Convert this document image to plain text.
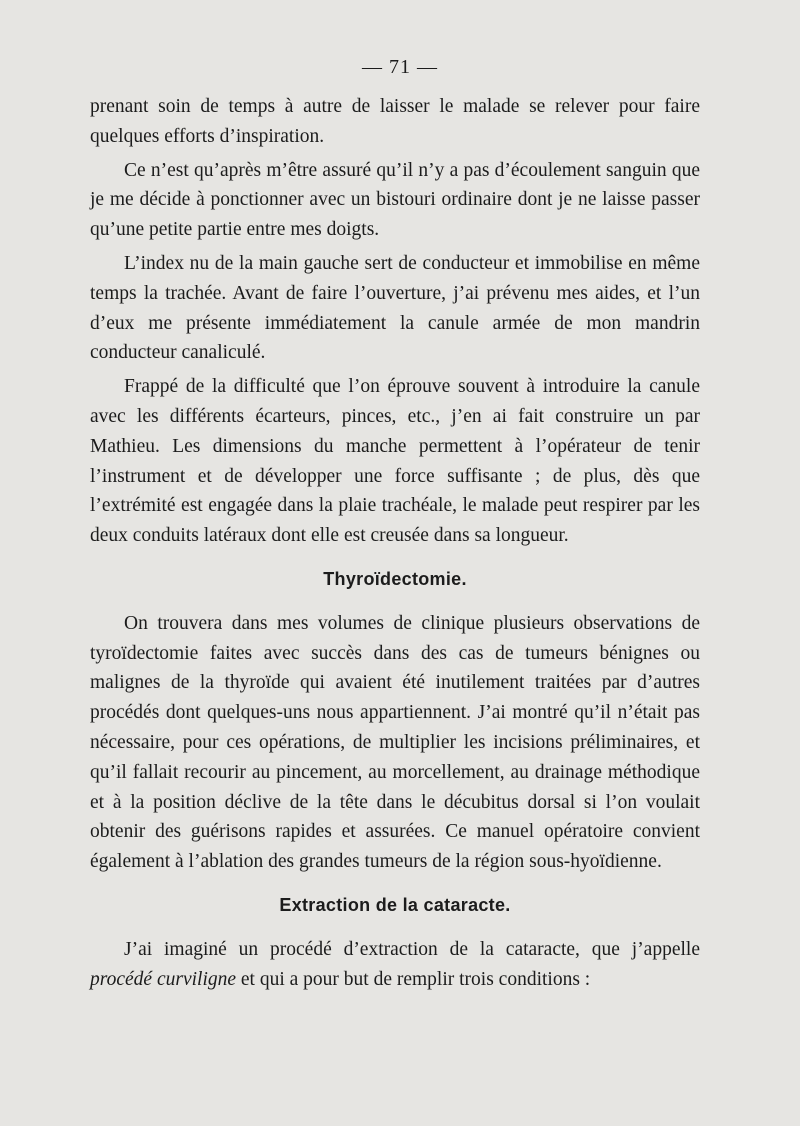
— 71 —

prenant soin de temps à autre de laisser le malade se relever pour faire quelques efforts d’inspiration.

Ce n’est qu’après m’être assuré qu’il n’y a pas d’écoulement sanguin que je me décide à ponctionner avec un bistouri ordinaire dont je ne laisse passer qu’une petite partie entre mes doigts.

L’index nu de la main gauche sert de conducteur et immobilise en même temps la trachée. Avant de faire l’ouverture, j’ai prévenu mes aides, et l’un d’eux me présente immédiatement la canule armée de mon mandrin conducteur canaliculé.

Frappé de la difficulté que l’on éprouve souvent à introduire la canule avec les différents écarteurs, pinces, etc., j’en ai fait construire un par Mathieu. Les dimensions du manche permettent à l’opérateur de tenir l’instrument et de développer une force suffisante ; de plus, dès que l’extrémité est engagée dans la plaie trachéale, le malade peut respirer par les deux conduits latéraux dont elle est creusée dans sa longueur.

Thyroïdectomie.

On trouvera dans mes volumes de clinique plusieurs observations de tyroïdectomie faites avec succès dans des cas de tumeurs bénignes ou malignes de la thyroïde qui avaient été inutilement traitées par d’autres procédés dont quelques-uns nous appartiennent. J’ai montré qu’il n’était pas nécessaire, pour ces opérations, de multiplier les incisions préliminaires, et qu’il fallait recourir au pincement, au morcellement, au drainage méthodique et à la position déclive de la tête dans le décubitus dorsal si l’on voulait obtenir des guérisons rapides et assurées. Ce manuel opératoire convient également à l’ablation des grandes tumeurs de la région sous-hyoïdienne.

Extraction de la cataracte.

J’ai imaginé un procédé d’extraction de la cataracte, que j’appelle procédé curviligne et qui a pour but de remplir trois conditions :
